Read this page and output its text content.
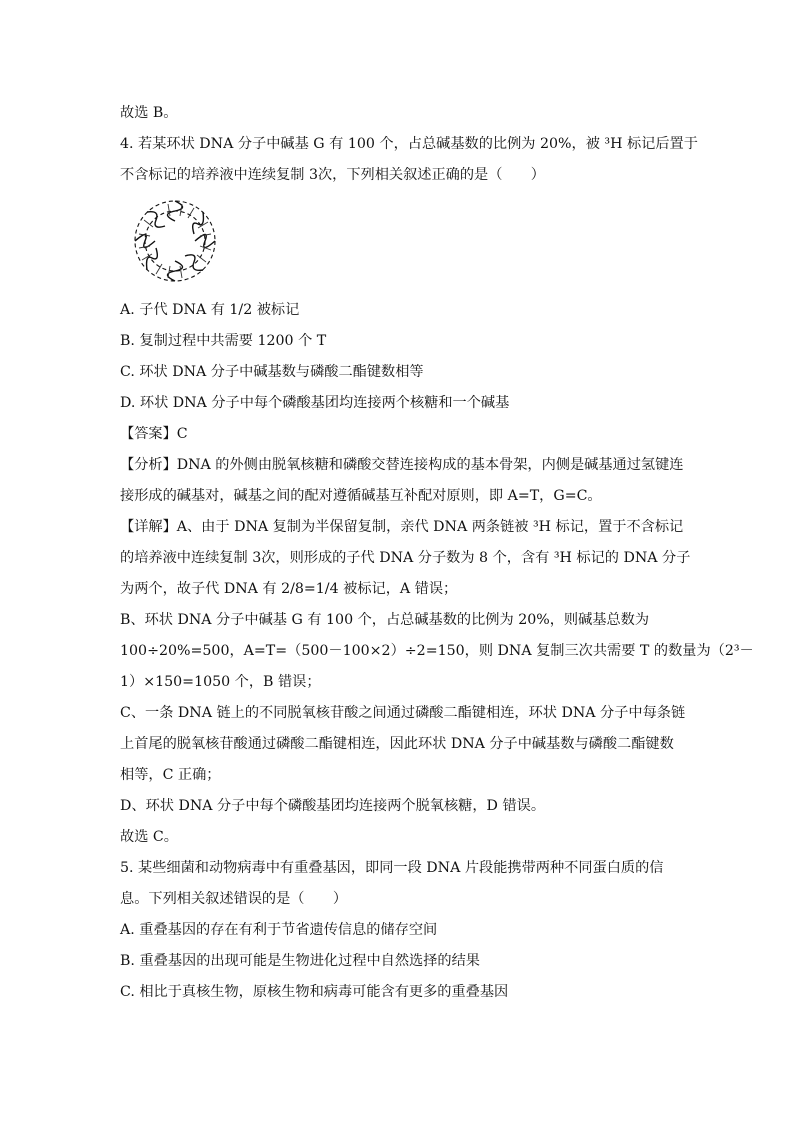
故选 B。
4. 若某环状 DNA 分子中碱基 G 有 100 个，占总碱基数的比例为 20%，被 ³H 标记后置于
不含标记的培养液中连续复制 3次，下列相关叙述正确的是（　　）
A. 子代 DNA 有 1/2 被标记
B. 复制过程中共需要 1200 个 T
C. 环状 DNA 分子中碱基数与磷酸二酯键数相等
D. 环状 DNA 分子中每个磷酸基团均连接两个核糖和一个碱基
【答案】C
【分析】DNA 的外侧由脱氧核糖和磷酸交替连接构成的基本骨架，内侧是碱基通过氢键连
接形成的碱基对，碱基之间的配对遵循碱基互补配对原则，即 A=T，G=C。
【详解】A、由于 DNA 复制为半保留复制，亲代 DNA 两条链被 ³H 标记，置于不含标记
的培养液中连续复制 3次，则形成的子代 DNA 分子数为 8 个，含有 ³H 标记的 DNA 分子
为两个，故子代 DNA 有 2/8=1/4 被标记，A 错误；
B、环状 DNA 分子中碱基 G 有 100 个，占总碱基数的比例为 20%，则碱基总数为
100÷20%=500，A=T=（500－100×2）÷2=150，则 DNA 复制三次共需要 T 的数量为（2³－
1）×150=1050 个，B 错误；
C、一条 DNA 链上的不同脱氧核苷酸之间通过磷酸二酯键相连，环状 DNA 分子中每条链
上首尾的脱氧核苷酸通过磷酸二酯键相连，因此环状 DNA 分子中碱基数与磷酸二酯键数
相等，C 正确；
D、环状 DNA 分子中每个磷酸基团均连接两个脱氧核糖，D 错误。
故选 C。
5. 某些细菌和动物病毒中有重叠基因，即同一段 DNA 片段能携带两种不同蛋白质的信
息。下列相关叙述错误的是（　　）
A. 重叠基因的存在有利于节省遗传信息的储存空间
B. 重叠基因的出现可能是生物进化过程中自然选择的结果
C. 相比于真核生物，原核生物和病毒可能含有更多的重叠基因
